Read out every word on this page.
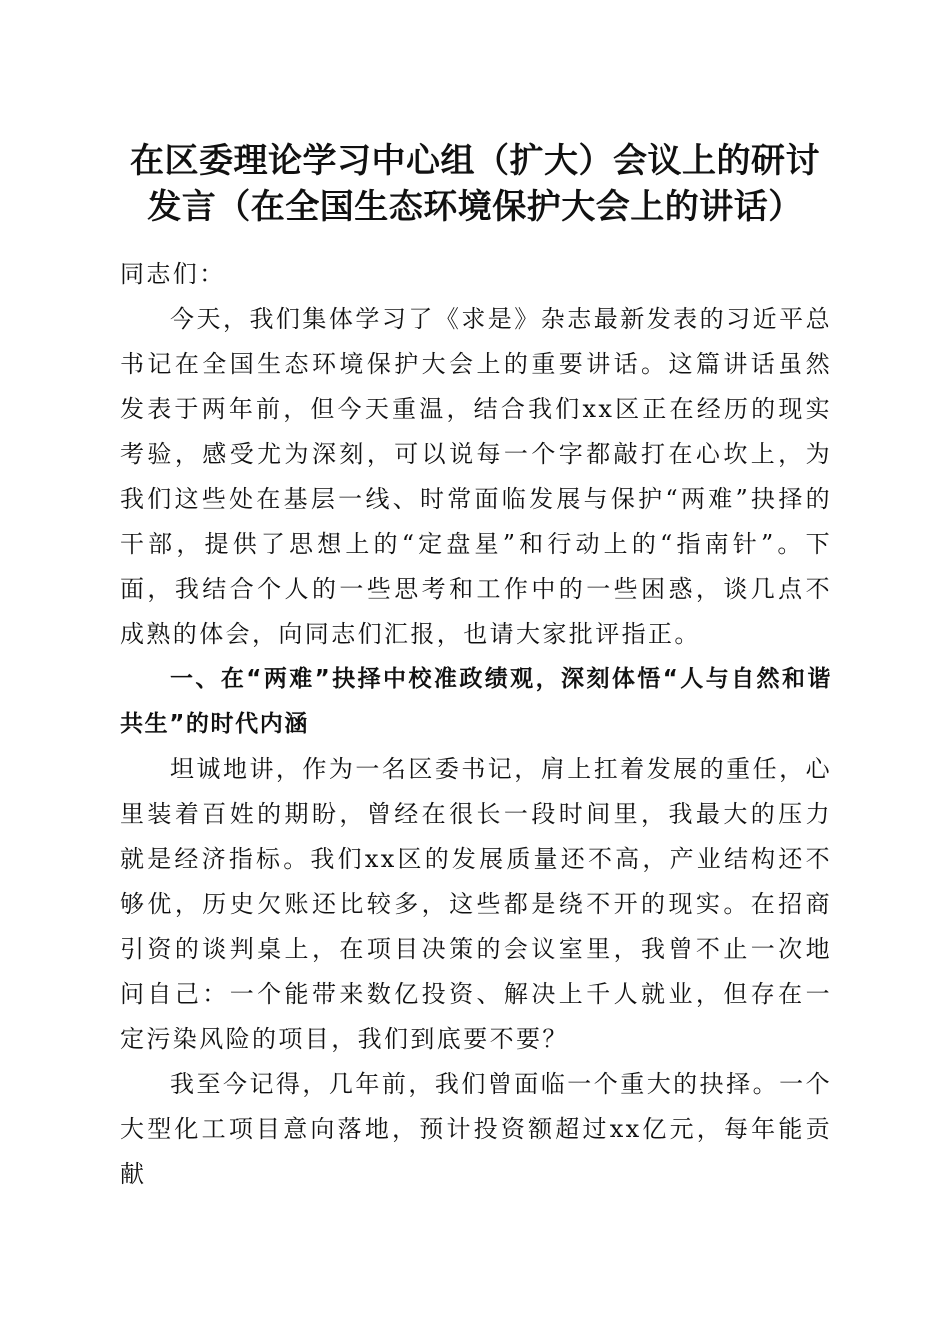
在区委理论学习中心组（扩大）会议上的研讨
发言（在全国生态环境保护大会上的讲话）

同志们：

今天，我们集体学习了《求是》杂志最新发表的习近平总书记在全国生态环境保护大会上的重要讲话。这篇讲话虽然发表于两年前，但今天重温，结合我们xx区正在经历的现实考验，感受尤为深刻，可以说每一个字都敲打在心坎上，为我们这些处在基层一线、时常面临发展与保护“两难”抉择的干部，提供了思想上的“定盘星”和行动上的“指南针”。下面，我结合个人的一些思考和工作中的一些困惑，谈几点不成熟的体会，向同志们汇报，也请大家批评指正。

一、在“两难”抉择中校准政绩观，深刻体悟“人与自然和谐共生”的时代内涵

坦诚地讲，作为一名区委书记，肩上扛着发展的重任，心里装着百姓的期盼，曾经在很长一段时间里，我最大的压力就是经济指标。我们xx区的发展质量还不高，产业结构还不够优，历史欠账还比较多，这些都是绕不开的现实。在招商引资的谈判桌上，在项目决策的会议室里，我曾不止一次地问自己：一个能带来数亿投资、解决上千人就业，但存在一定污染风险的项目，我们到底要不要？

我至今记得，几年前，我们曾面临一个重大的抉择。一个大型化工项目意向落地，预计投资额超过xx亿元，每年能贡献
